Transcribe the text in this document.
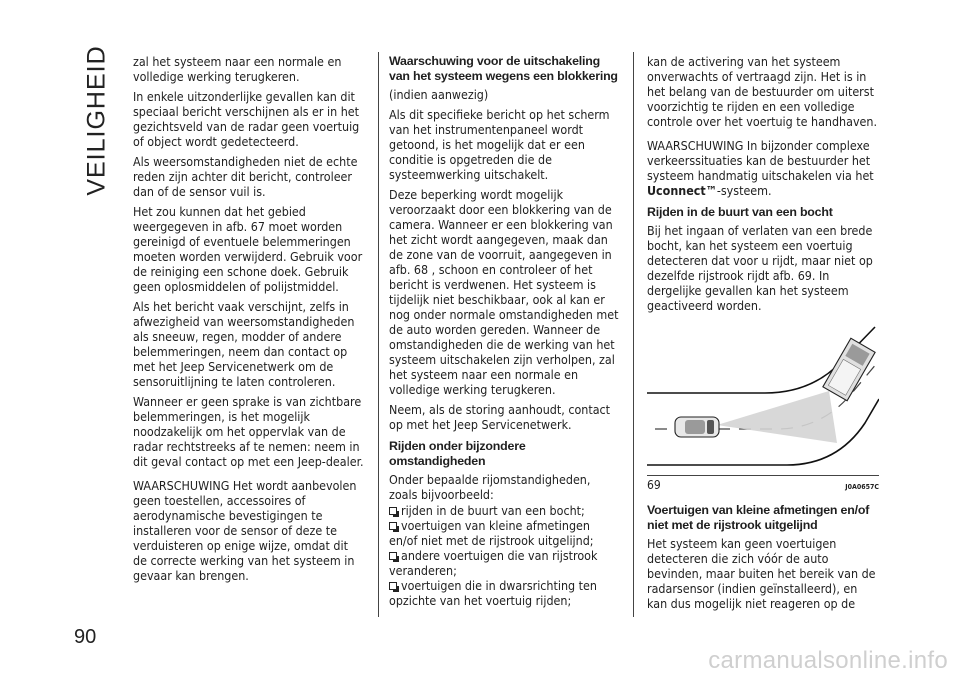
VEILIGHEID
90

zal het systeem naar een normale en volledige werking terugkeren.

In enkele uitzonderlijke gevallen kan dit speciaal bericht verschijnen als er in het gezichtsveld van de radar geen voertuig of object wordt gedetecteerd.

Als weersomstandigheden niet de echte reden zijn achter dit bericht, controleer dan of de sensor vuil is.

Het zou kunnen dat het gebied weergegeven in afb. 67 moet worden gereinigd of eventuele belemmeringen moeten worden verwijderd. Gebruik voor de reiniging een schone doek. Gebruik geen oplosmiddelen of polijstmiddel.

Als het bericht vaak verschijnt, zelfs in afwezigheid van weersomstandigheden als sneeuw, regen, modder of andere belemmeringen, neem dan contact op met het Jeep Servicenetwerk om de sensoruitlijning te laten controleren.

Wanneer er geen sprake is van zichtbare belemmeringen, is het mogelijk noodzakelijk om het oppervlak van de radar rechtstreeks af te nemen: neem in dit geval contact op met een Jeep-dealer.

WAARSCHUWING Het wordt aanbevolen geen toestellen, accessoires of aerodynamische bevestigingen te installeren voor de sensor of deze te verduisteren op enige wijze, omdat dit de correcte werking van het systeem in gevaar kan brengen.

Waarschuwing voor de uitschakeling van het systeem wegens een blokkering

(indien aanwezig)

Als dit specifieke bericht op het scherm van het instrumentenpaneel wordt getoond, is het mogelijk dat er een conditie is opgetreden die de systeemwerking uitschakelt.

Deze beperking wordt mogelijk veroorzaakt door een blokkering van de camera. Wanneer er een blokkering van het zicht wordt aangegeven, maak dan de zone van de voorruit, aangegeven in afb. 68 , schoon en controleer of het bericht is verdwenen. Het systeem is tijdelijk niet beschikbaar, ook al kan er nog onder normale omstandigheden met de auto worden gereden. Wanneer de omstandigheden die de werking van het systeem uitschakelen zijn verholpen, zal het systeem naar een normale en volledige werking terugkeren.

Neem, als de storing aanhoudt, contact op met het Jeep Servicenetwerk.

Rijden onder bijzondere omstandigheden

Onder bepaalde rijomstandigheden, zoals bijvoorbeeld:

rijden in de buurt van een bocht;
voertuigen van kleine afmetingen en/of niet met de rijstrook uitgelijnd;
andere voertuigen die van rijstrook veranderen;
voertuigen die in dwarsrichting ten opzichte van het voertuig rijden;

kan de activering van het systeem onverwachts of vertraagd zijn. Het is in het belang van de bestuurder om uiterst voorzichtig te rijden en een volledige controle over het voertuig te handhaven.

WAARSCHUWING In bijzonder complexe verkeerssituaties kan de bestuurder het systeem handmatig uitschakelen via het Uconnect™-systeem.

Rijden in de buurt van een bocht

Bij het ingaan of verlaten van een brede bocht, kan het systeem een voertuig detecteren dat voor u rijdt, maar niet op dezelfde rijstrook rijdt afb. 69. In dergelijke gevallen kan het systeem geactiveerd worden.

69	J0A0657C
Voertuigen van kleine afmetingen en/of niet met de rijstrook uitgelijnd

Het systeem kan geen voertuigen detecteren die zich vóór de auto bevinden, maar buiten het bereik van de radarsensor (indien geïnstalleerd), en kan dus mogelijk niet reageren op de

carmanualsonline.info
